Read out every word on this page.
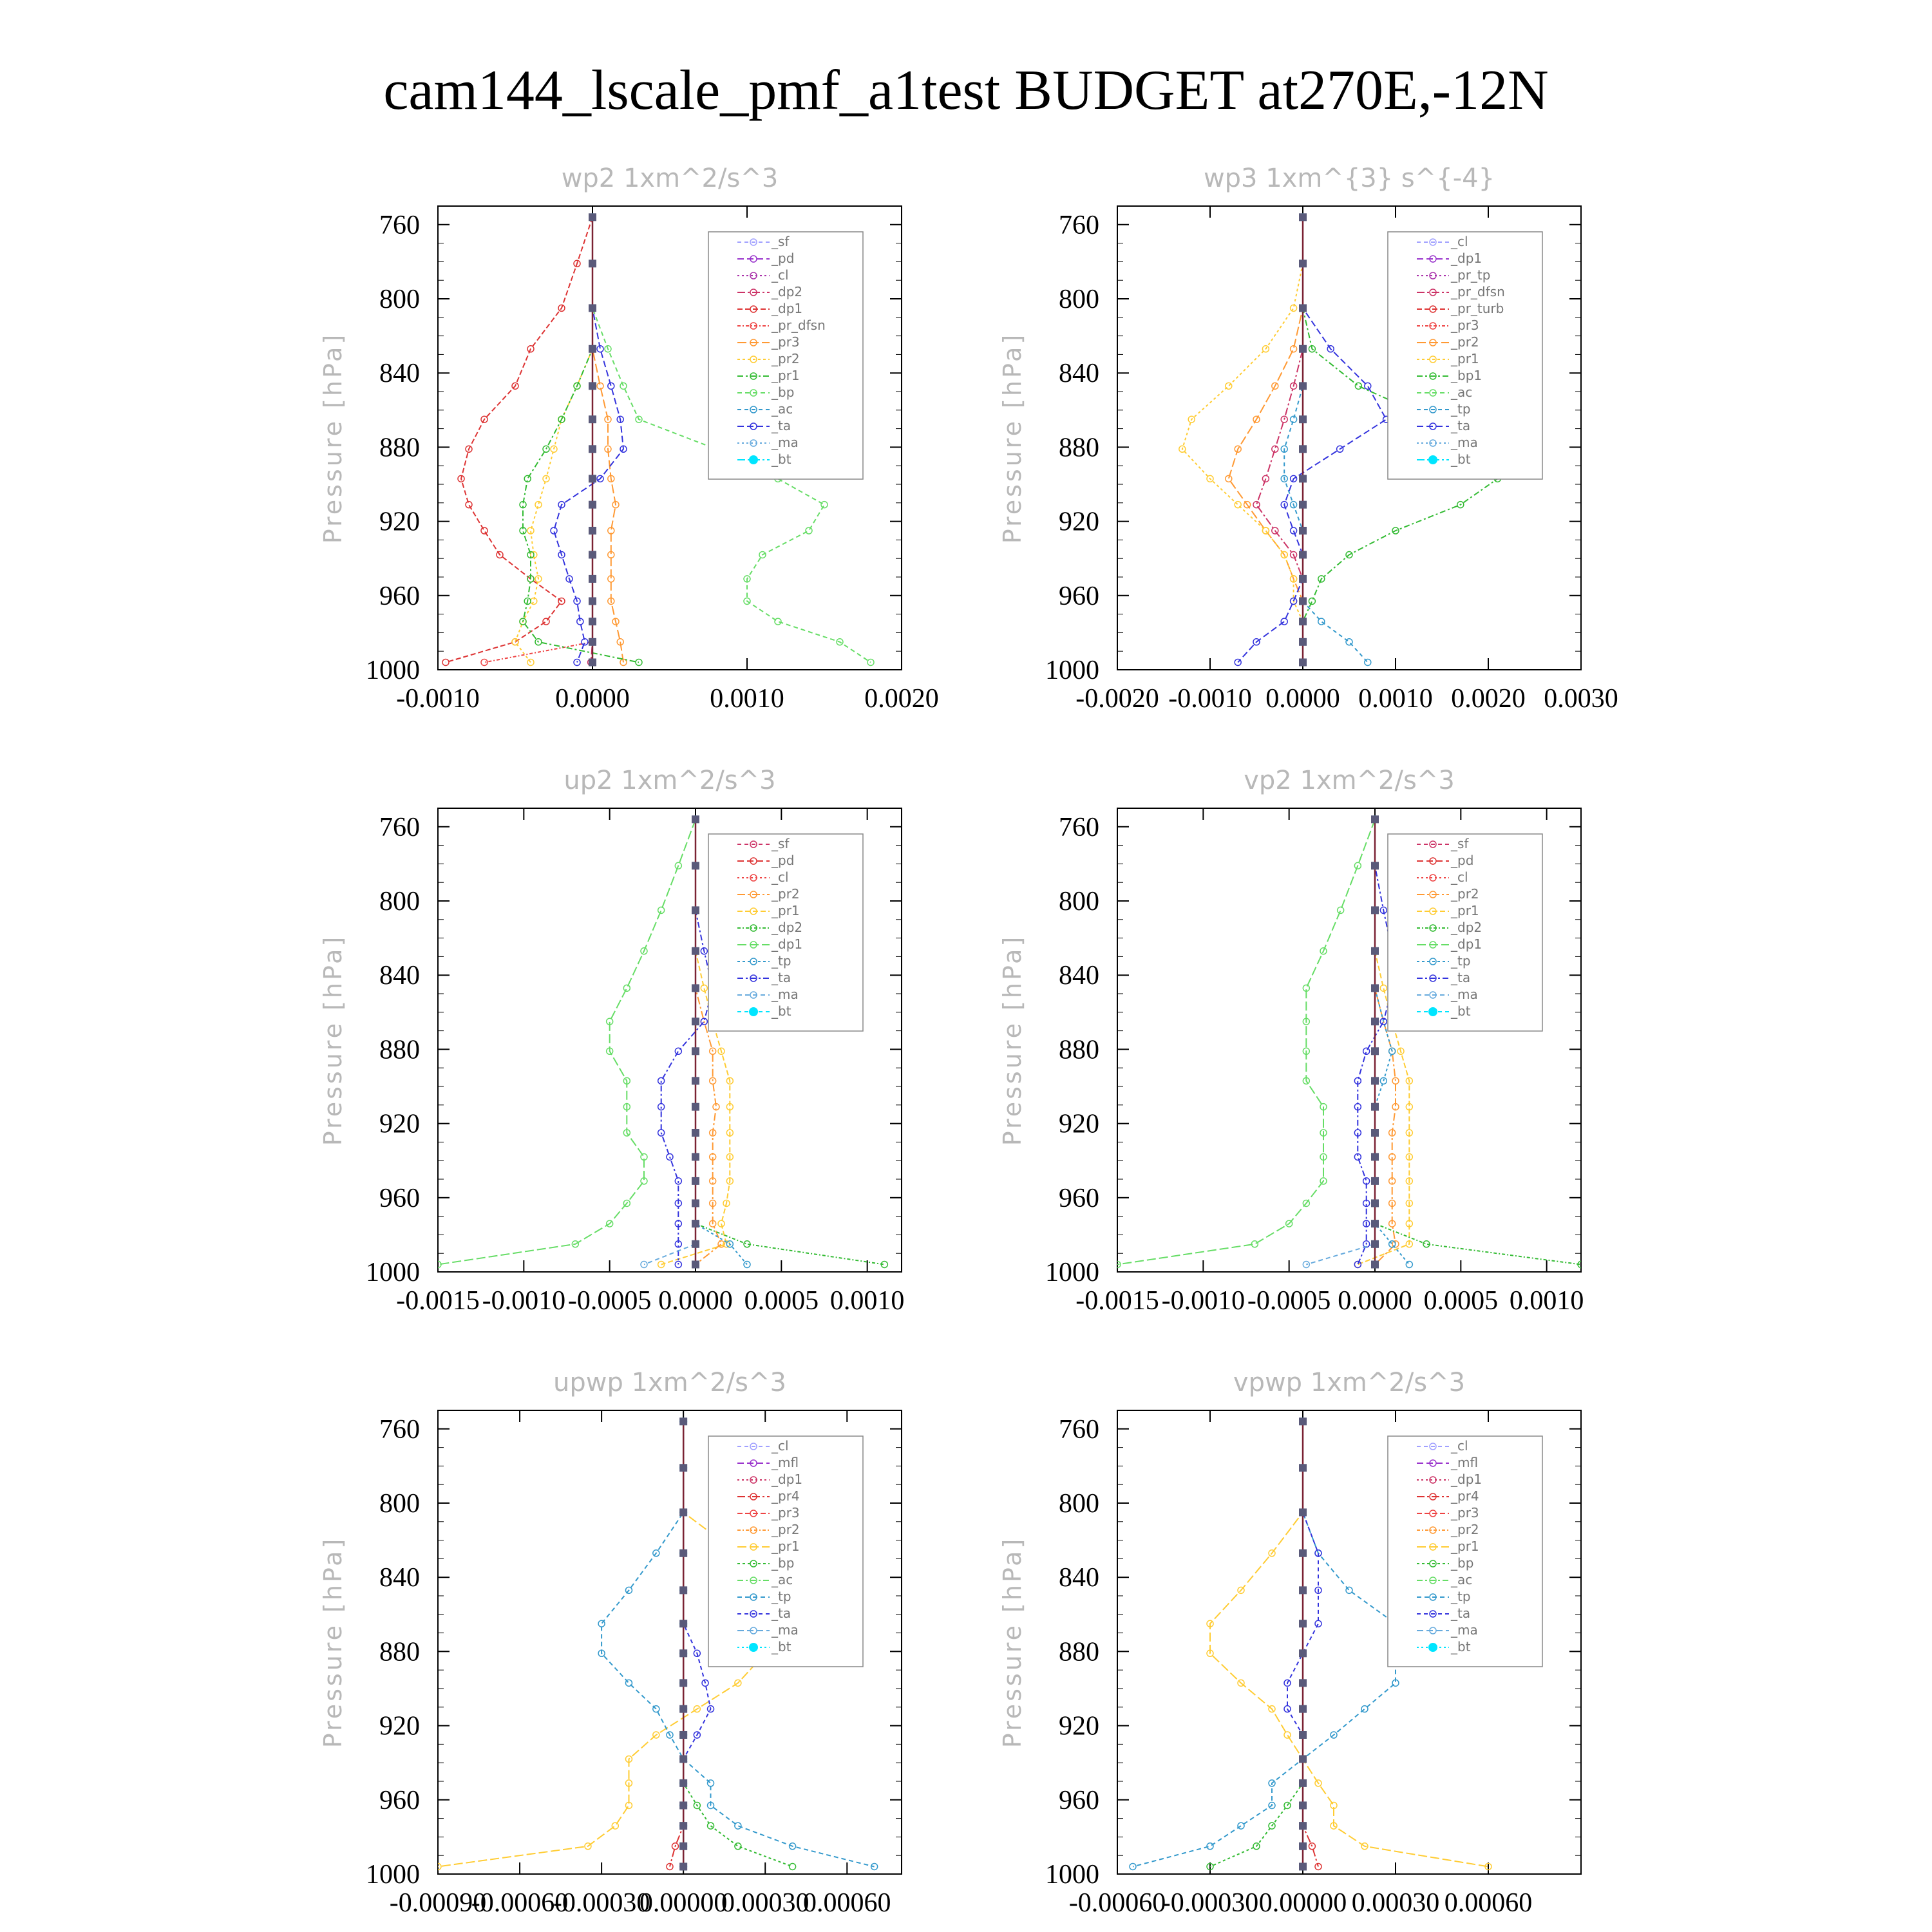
cam144_lscale_pmf_a1test BUDGET at270E,-12N
wp2 1xm^2/s^3
760
800
840
880
920
960
1000
-0.0010	0.0000	0.0010	0.0020
Pressure [hPa]
_sf
_pd
_cl
_dp2
_dp1
_pr_dfsn
_pr3
_pr2
_pr1
_bp
_ac
_ta
_ma
_bt
wp3 1xm^{3} s^{-4}
760
800
840
880
920
960
1000
-0.0020 -0.0010 0.0000 0.0010 0.0020 0.0030
Pressure [hPa]
_cl
_dp1
_pr_tp
_pr_dfsn
_pr_turb
_pr3
_pr2
_pr1
_bp1
_ac
_tp
_ta
_ma
_bt
up2 1xm^2/s^3
760
800
840
880
920
960
1000
-0.0015 -0.0010 -0.0005 0.0000 0.0005 0.0010
Pressure [hPa]
_sf
_pd
_cl
_pr2
_pr1
_dp2
_dp1
_tp
_ta
_ma
_bt
vp2 1xm^2/s^3
760
800
840
880
920
960
1000
-0.0015 -0.0010 -0.0005 0.0000 0.0005 0.0010
Pressure [hPa]
_sf
_pd
_cl
_pr2
_pr1
_dp2
_dp1
_tp
_ta
_ma
_bt
upwp 1xm^2/s^3
760
800
840
880
920
960
1000
-0.00090
-0.00060
-0.00030
0.00000
0.00030
0.00060
Pressure [hPa]
_cl
_mfl
_dp1
_pr4
_pr3
_pr2
_pr1
_bp
_ac
_tp
_ta
_ma
_bt
vpwp 1xm^2/s^3
760
800
840
880
920
960
1000
-0.00060
-0.00030 0.00000 0.00030 0.00060
Pressure [hPa]
_cl
_mfl
_dp1
_pr4
_pr3
_pr2
_pr1
_bp
_ac
_tp
_ta
_ma
_bt
